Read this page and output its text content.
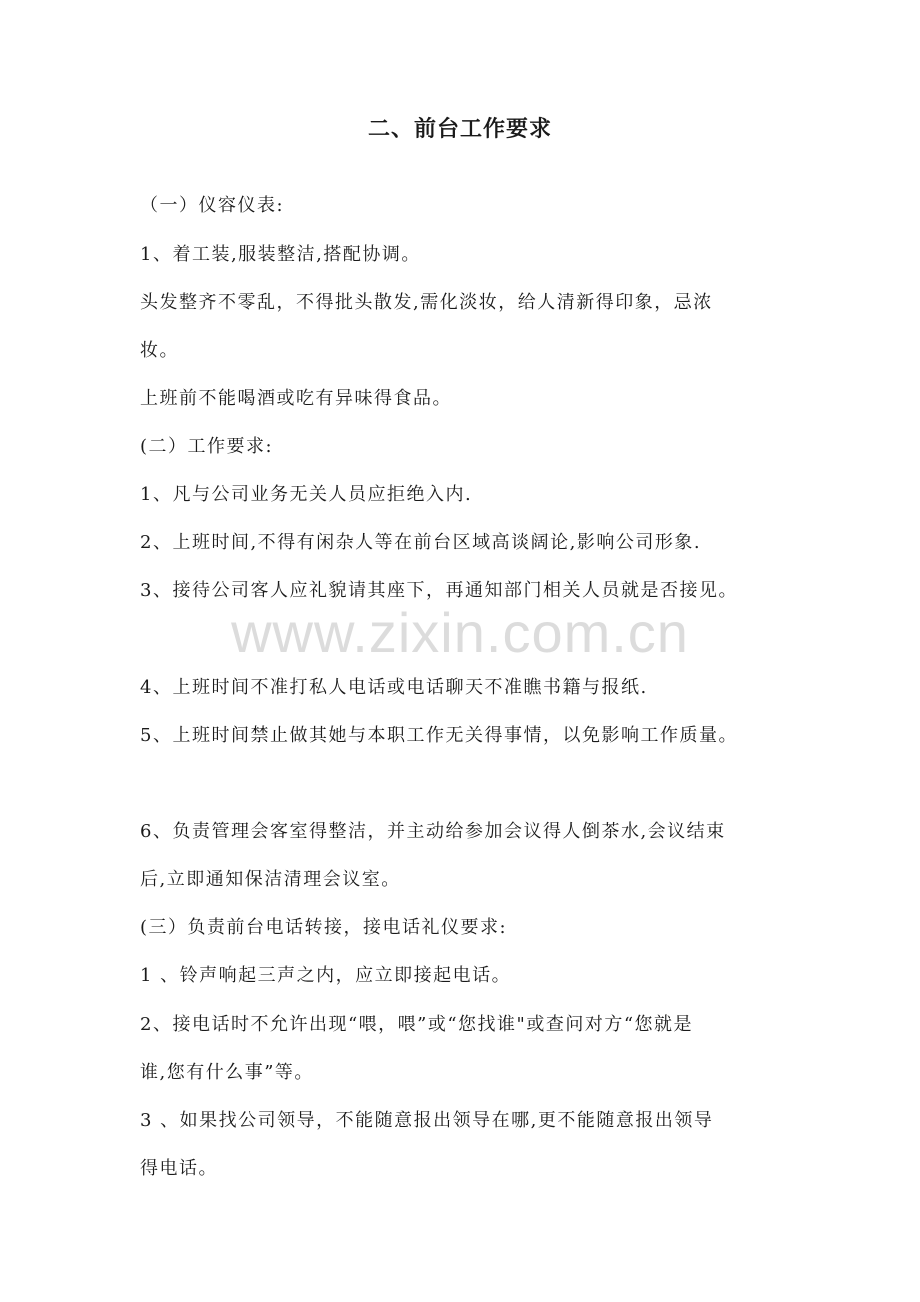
二、前台工作要求
（一）仪容仪表:
1、着工装,服装整洁,搭配协调。
头发整齐不零乱，不得批头散发,需化淡妆，给人清新得印象，忌浓
妆。
上班前不能喝酒或吃有异味得食品。
(二）工作要求:
1、凡与公司业务无关人员应拒绝入内.
2、上班时间,不得有闲杂人等在前台区域高谈阔论,影响公司形象.
3、接待公司客人应礼貌请其座下，再通知部门相关人员就是否接见。
www.zixin.com.cn
4、上班时间不准打私人电话或电话聊天不准瞧书籍与报纸.
5、上班时间禁止做其她与本职工作无关得事情，以免影响工作质量。
6、负责管理会客室得整洁，并主动给参加会议得人倒茶水,会议结束
后,立即通知保洁清理会议室。
(三）负责前台电话转接，接电话礼仪要求:
1 、铃声响起三声之内，应立即接起电话。
2、接电话时不允许出现“喂，喂”或“您找谁"或查问对方“您就是
谁,您有什么事”等。
3 、如果找公司领导，不能随意报出领导在哪,更不能随意报出领导
得电话。
